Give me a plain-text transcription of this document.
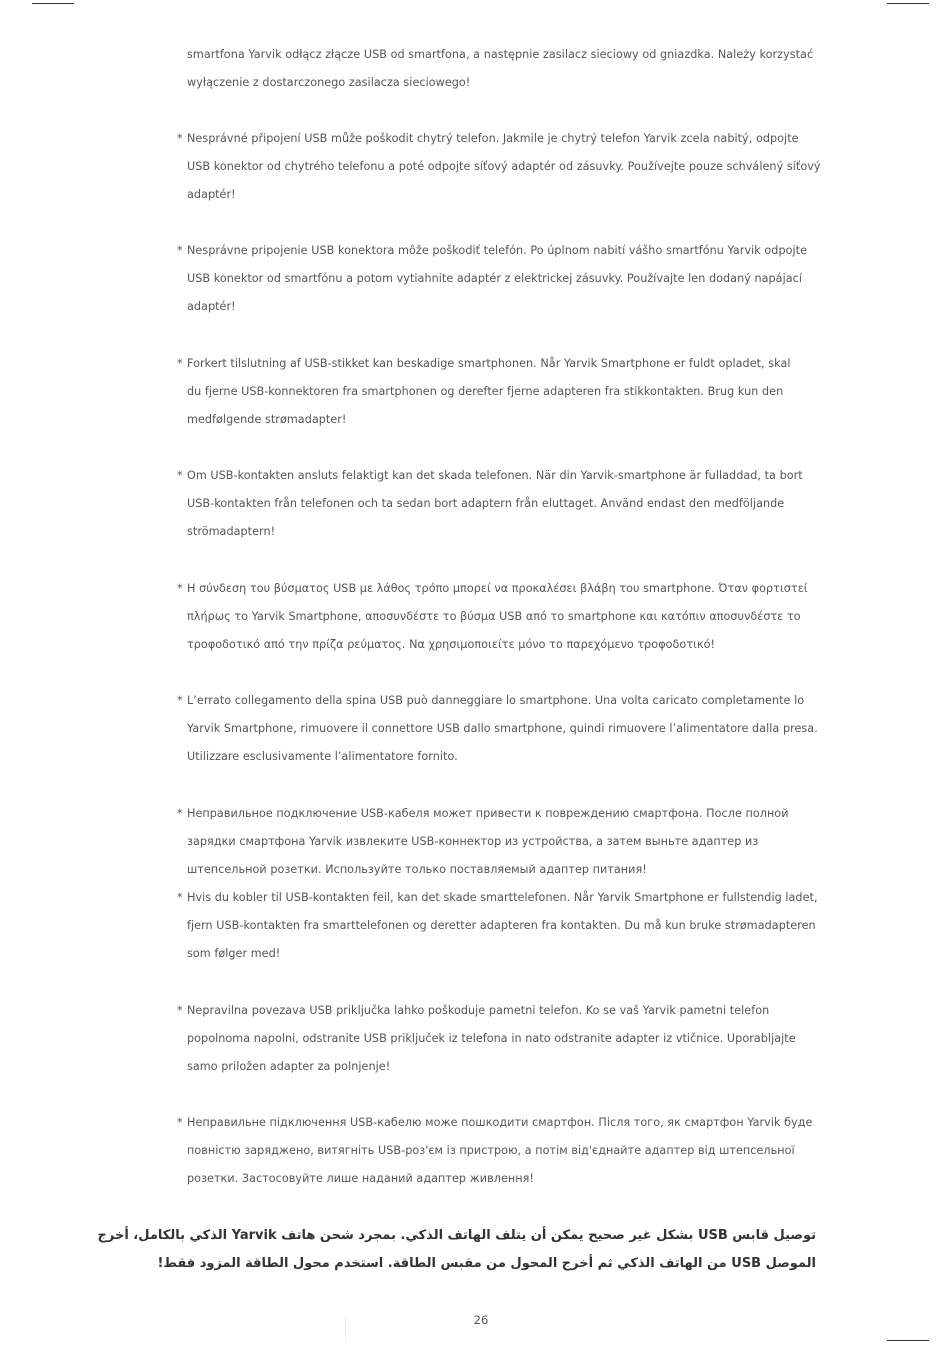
smartfona Yarvik odłącz złącze USB od smartfona, a następnie zasilacz sieciowy od gniazdka. Należy korzystać
wyłączenie z dostarczonego zasilacza sieciowego!
* Nesprávné připojení USB může poškodit chytrý telefon. Jakmile je chytrý telefon Yarvik zcela nabitý, odpojte
USB konektor od chytrého telefonu a poté odpojte síťový adaptér od zásuvky. Používejte pouze schválený síťový
adaptér!
* Nesprávne pripojenie USB konektora môže poškodiť telefón. Po úplnom nabití vášho smartfónu Yarvik odpojte
USB konektor od smartfónu a potom vytiahnite adaptér z elektrickej zásuvky. Používajte len dodaný napájací
adaptér!
* Forkert tilslutning af USB-stikket kan beskadige smartphonen. Når Yarvik Smartphone er fuldt opladet, skal
du fjerne USB-konnektoren fra smartphonen og derefter fjerne adapteren fra stikkontakten. Brug kun den
medfølgende strømadapter!
* Om USB-kontakten ansluts felaktigt kan det skada telefonen. När din Yarvik-smartphone är fulladdad, ta bort
USB-kontakten från telefonen och ta sedan bort adaptern från eluttaget. Använd endast den medföljande
strömadaptern!
* Η σύνδεση του βύσματος USB με λάθος τρόπο μπορεί να προκαλέσει βλάβη του smartphone. Όταν φορτιστεί
πλήρως το Yarvik Smartphone, αποσυνδέστε το βύσμα USB από το smartphone και κατόπιν αποσυνδέστε το
τροφοδοτικό από την πρίζα ρεύματος. Να χρησιμοποιείτε μόνο το παρεχόμενο τροφοδοτικό!
* L’errato collegamento della spina USB può danneggiare lo smartphone. Una volta caricato completamente lo
Yarvik Smartphone, rimuovere il connettore USB dallo smartphone, quindi rimuovere l’alimentatore dalla presa.
Utilizzare esclusivamente l’alimentatore fornito.
* Неправильное подключение USB-кабеля может привести к повреждению смартфона. После полной
зарядки смартфона Yarvik извлеките USB-коннектор из устройства, а затем выньте адаптер из
штепсельной розетки. Используйте только поставляемый адаптер питания!
* Hvis du kobler til USB-kontakten feil, kan det skade smarttelefonen. Når Yarvik Smartphone er fullstendig ladet,
fjern USB-kontakten fra smarttelefonen og deretter adapteren fra kontakten. Du må kun bruke strømadapteren
som følger med!
* Nepravilna povezava USB priključka lahko poškoduje pametni telefon. Ko se vaš Yarvik pametni telefon
popolnoma napolni, odstranite USB priključek iz telefona in nato odstranite adapter iz vtičnice. Uporabljajte
samo priložen adapter za polnjenje!
* Неправильне підключення USB-кабелю може пошкодити смартфон. Після того, як смартфон Yarvik буде
повністю заряджено, витягніть USB-роз'єм із пристрою, а потім від'єднайте адаптер від штепсельної
розетки. Застосовуйте лише наданий адаптер живлення!
توصيل قابس USB بشكل غير صحيح يمكن أن يتلف الهاتف الذكي. بمجرد شحن هاتف Yarvik الذكي بالكامل، أخرج
الموصل USB من الهاتف الذكي ثم أخرج المحول من مقبس الطاقة. استخدم محول الطاقة المزود فقط!
26
